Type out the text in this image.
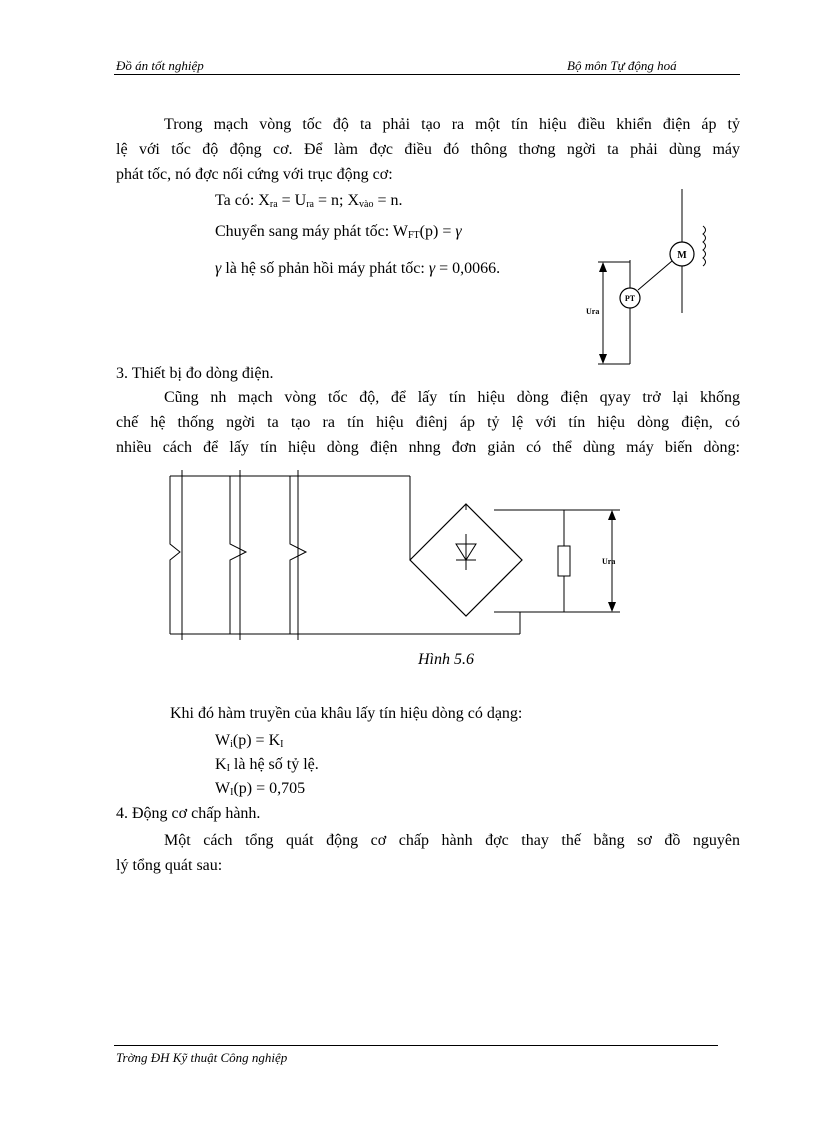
Đồ án tốt nghiệp	Bộ môn Tự động hoá
Trong mạch vòng tốc độ ta phải tạo ra một tín hiệu điều khiển điện áp tỷ
lệ với tốc độ động cơ. Để làm đợc điều đó thông thơng ngời ta phải dùng máy
phát tốc, nó đợc nối cứng với trục động cơ:
Ta có: $X_{ra} = U_{ra} = n$; $X_{vào} = n$.
Chuyển sang máy phát tốc: $W_{FT}(p) = \gamma$
γ là hệ số phản hồi máy phát tốc: γ = 0,0066.
M
PT
Ura
3. Thiết bị đo dòng điện.
Cũng nh mạch vòng tốc độ, để lấy tín hiệu dòng điện qyay trở lại khống
chế hệ thống ngời ta tạo ra tín hiệu điênj áp tỷ lệ với tín hiệu dòng điện, có
nhiều cách để lấy tín hiệu dòng điện nhng đơn giản có thể dùng máy biến dòng:
Ura
Hình 5.6
Khi đó hàm truyền của khâu lấy tín hiệu dòng có dạng:
$W_i(p) = K_I$
$K_I$ là hệ số tỷ lệ.
$W_I(p) = 0,705$
4. Động cơ chấp hành.
Một cách tổng quát động cơ chấp hành đợc thay thế bằng sơ đồ nguyên
lý tổng quát sau:
Trờng ĐH Kỹ thuật Công nghiệp
